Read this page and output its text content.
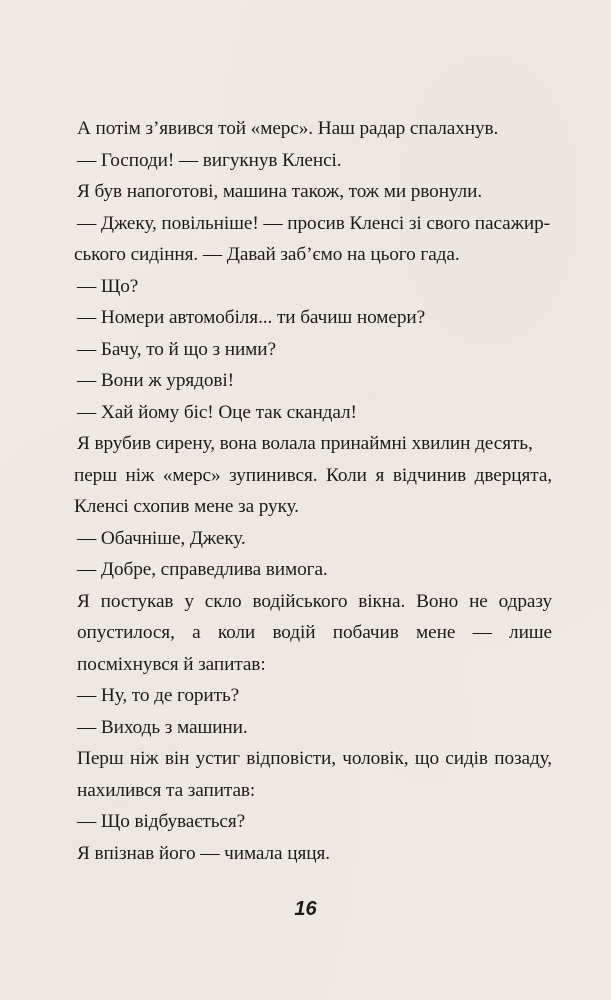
А потім з’явився той «мерс». Наш радар спалахнув.

— Господи! — вигукнув Кленсі.

Я був напоготові, машина також, тож ми рвонули.

— Джеку, повільніше! — просив Кленсі зі свого пасажир-

ського сидіння. — Давай заб’ємо на цього гада.

— Що?

— Номери автомобіля... ти бачиш номери?

— Бачу, то й що з ними?

— Вони ж урядові!

— Хай йому біс! Оце так скандал!

Я врубив сирену, вона волала принаймні хвилин десять,

перш ніж «мерс» зупинився. Коли я відчинив дверцята, Кленсі схопив мене за руку.

— Обачніше, Джеку.

— Добре, справедлива вимога.

Я постукав у скло водійського вікна. Воно не одразу опустилося, а коли водій побачив мене — лише посміхнувся й запитав:

— Ну, то де горить?

— Виходь з машини.

Перш ніж він устиг відповісти, чоловік, що сидів позаду, нахилився та запитав:

— Що відбувається?

Я впізнав його — чимала цяця.

16
